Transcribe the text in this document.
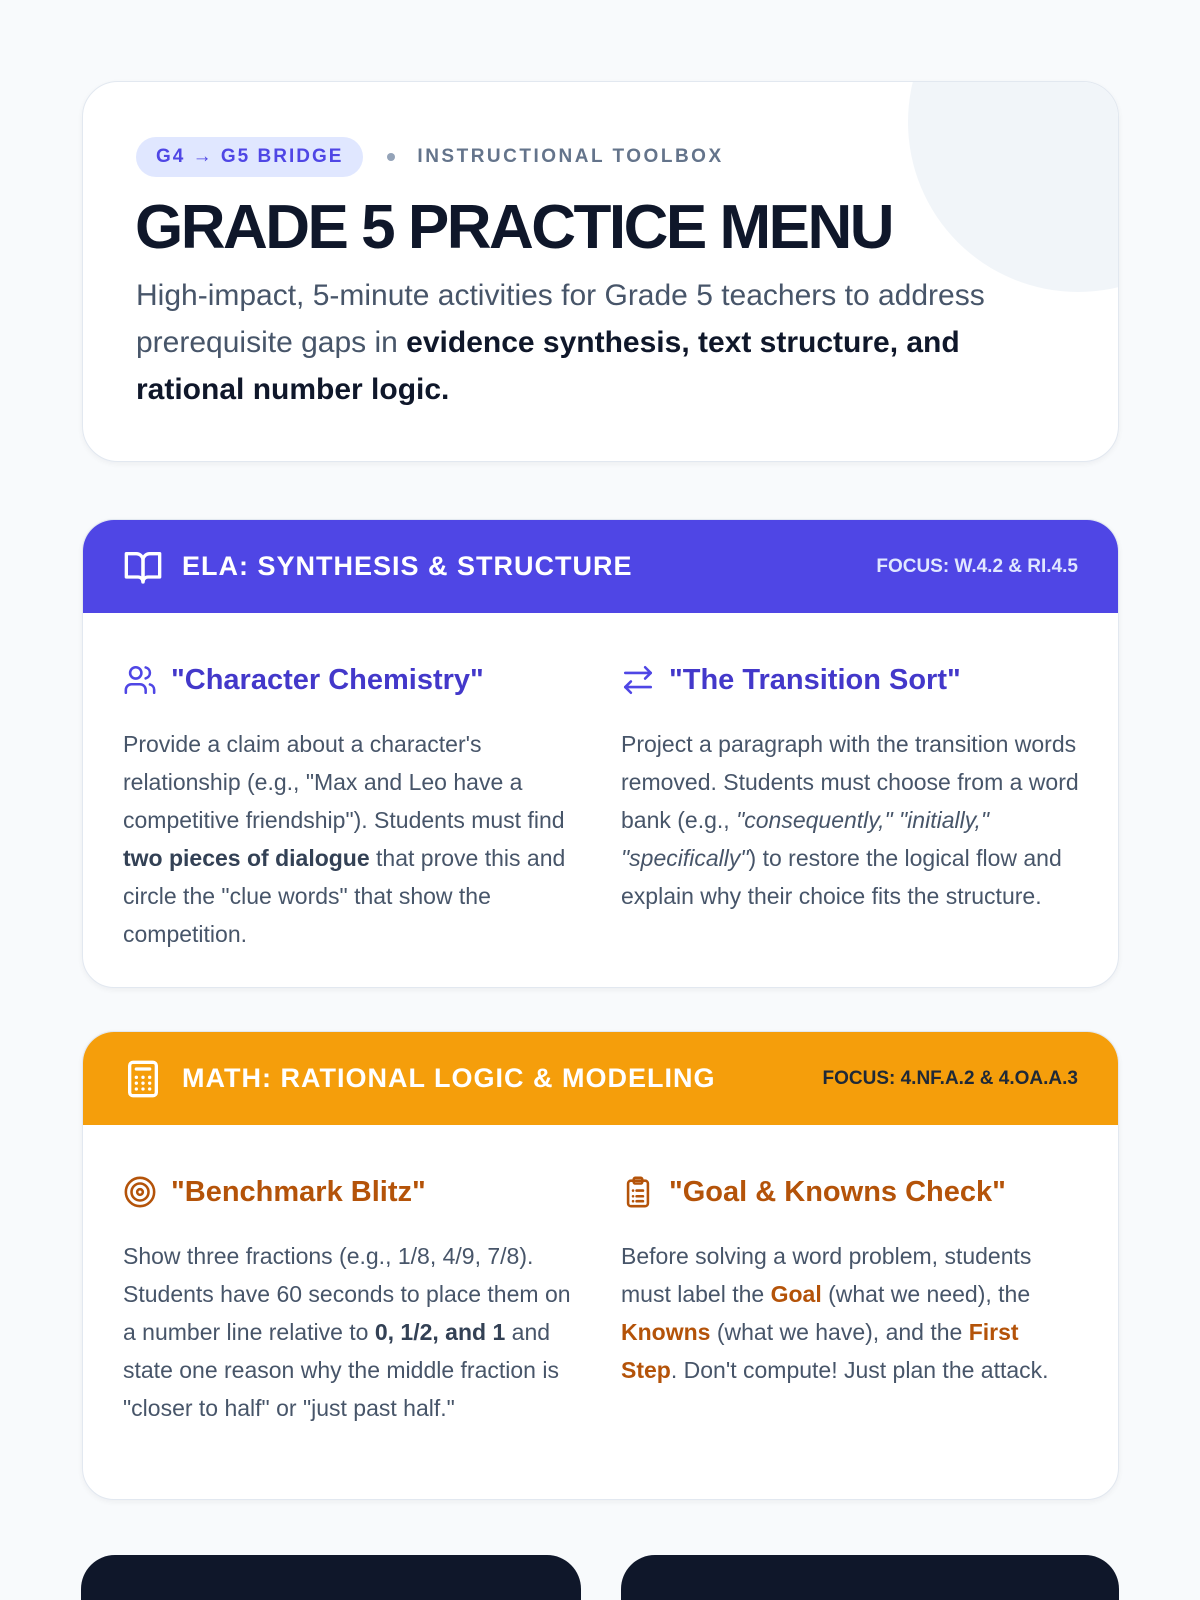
G4 → G5 BRIDGE	INSTRUCTIONAL TOOLBOX
GRADE 5 PRACTICE MENU

High-impact, 5-minute activities for Grade 5 teachers to address prerequisite gaps in evidence synthesis, text structure, and rational number logic.

ELA: SYNTHESIS & STRUCTURE	FOCUS: W.4.2 & RI.4.5
"Character Chemistry"

Provide a claim about a character's relationship (e.g., "Max and Leo have a competitive friendship"). Students must find two pieces of dialogue that prove this and circle the "clue words" that show the competition.

"The Transition Sort"

Project a paragraph with the transition words removed. Students must choose from a word bank (e.g., "consequently," "initially," "specifically") to restore the logical flow and explain why their choice fits the structure.

MATH: RATIONAL LOGIC & MODELING	FOCUS: 4.NF.A.2 & 4.OA.A.3
"Benchmark Blitz"

Show three fractions (e.g., 1/8, 4/9, 7/8). Students have 60 seconds to place them on a number line relative to 0, 1/2, and 1 and state one reason why the middle fraction is "closer to half" or "just past half."

"Goal & Knowns Check"

Before solving a word problem, students must label the Goal (what we need), the Knowns (what we have), and the First Step. Don't compute! Just plan the attack.
